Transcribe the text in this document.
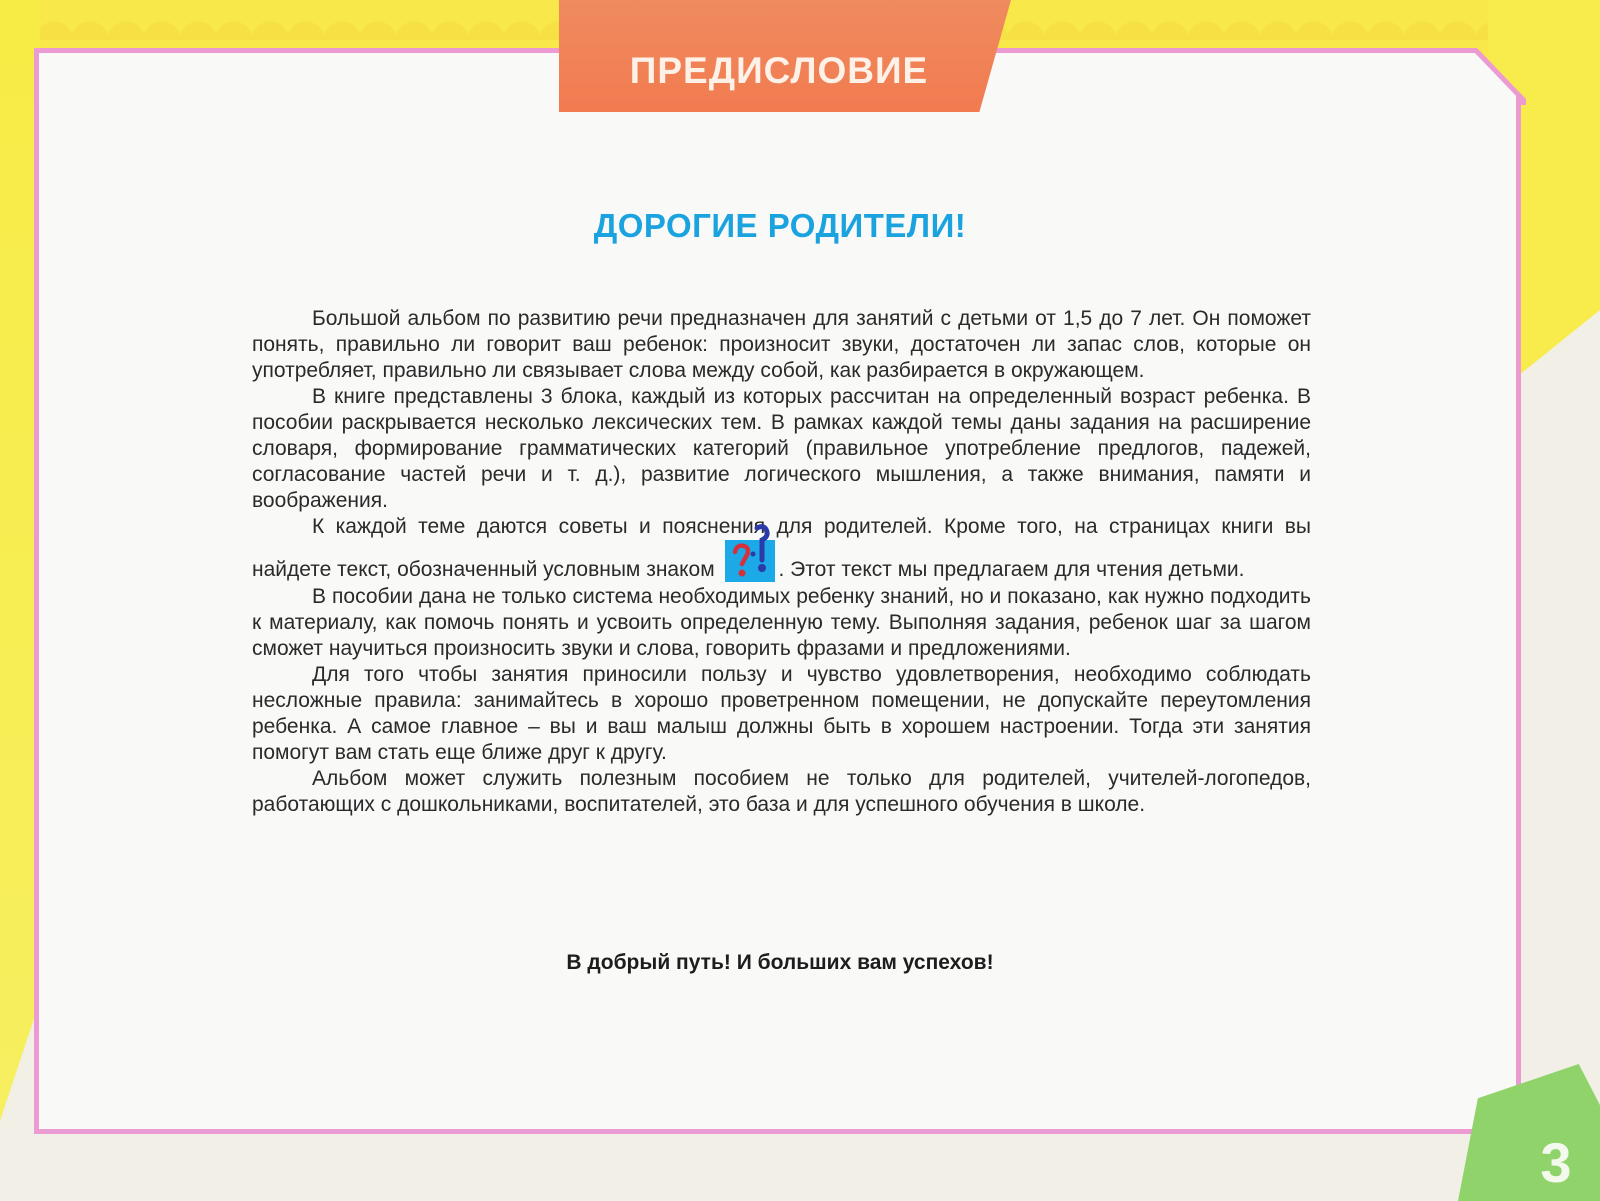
ПРЕДИСЛОВИЕ
ДОРОГИЕ РОДИТЕЛИ!

Большой альбом по развитию речи предназначен для занятий с детьми от 1,5 до 7 лет. Он поможет понять, правильно ли говорит ваш ребенок: произносит звуки, достаточен ли запас слов, которые он употребляет, правильно ли связывает слова между собой, как разбирается в окружающем.

В книге представлены 3 блока, каждый из которых рассчитан на определенный возраст ребенка. В пособии раскрывается несколько лексических тем. В рамках каждой темы даны задания на расширение словаря, формирование грамматических категорий (правильное употребление предлогов, падежей, согласование частей речи и т. д.), развитие логического мышления, а также внимания, памяти и воображения.

К каждой теме даются советы и пояснения для родителей. Кроме того, на страницах книги вы найдете текст, обозначенный условным знаком	. Этот текст мы предлагаем для чтения детьми.

В пособии дана не только система необходимых ребенку знаний, но и показано, как нужно подходить к материалу, как помочь понять и усвоить определенную тему. Выполняя задания, ребенок шаг за шагом сможет научиться произносить звуки и слова, говорить фразами и предложениями.

Для того чтобы занятия приносили пользу и чувство удовлетворения, необходимо соблюдать несложные правила: занимайтесь в хорошо проветренном помещении, не допускайте переутомления ребенка. А самое главное – вы и ваш малыш должны быть в хорошем настроении. Тогда эти занятия помогут вам стать еще ближе друг к другу.

Альбом может служить полезным пособием не только для родителей, учителей-логопедов, работающих с дошкольниками, воспитателей, это база и для успешного обучения в школе.

В добрый путь! И больших вам успехов!
3
